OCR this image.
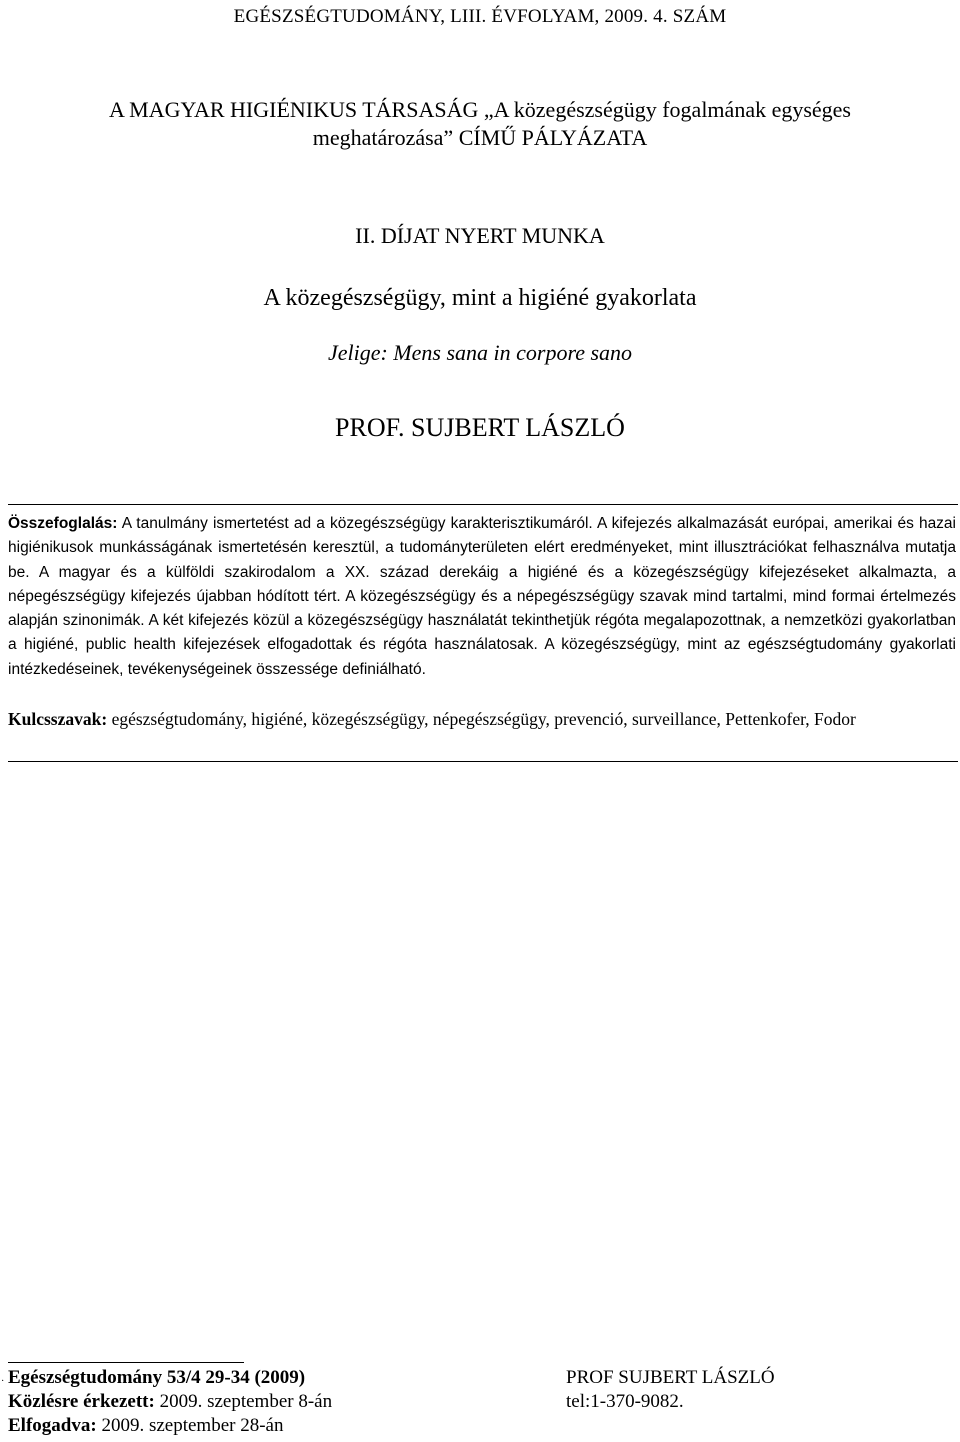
EGÉSZSÉGTUDOMÁNY, LIII. ÉVFOLYAM, 2009. 4. SZÁM
A MAGYAR HIGIÉNIKUS TÁRSASÁG „A közegészségügy fogalmának egységes
meghatározása” CÍMŰ PÁLYÁZATA
II. DÍJAT NYERT MUNKA
A közegészségügy, mint a higiéné gyakorlata
Jelige: Mens sana in corpore sano
PROF. SUJBERT LÁSZLÓ
Összefoglalás: A tanulmány ismertetést ad a közegészségügy karakterisztikumáról. A kifejezés alkalmazását európai, amerikai és hazai higiénikusok munkásságának ismertetésén keresztül, a tudományterületen elért eredményeket, mint illusztrációkat felhasználva mutatja be. A magyar és a külföldi szakirodalom a XX. század derekáig a higiéné és a közegészségügy kifejezéseket alkalmazta, a népegészségügy kifejezés újabban hódított tért. A közegészségügy és a népegészségügy szavak mind tartalmi, mind formai értelmezés alapján szinonimák. A két kifejezés közül a közegészségügy használatát tekinthetjük régóta megalapozottnak, a nemzetközi gyakorlatban a higiéné, public health kifejezések elfogadottak és régóta használatosak. A közegészségügy, mint az egészségtudomány gyakorlati intézkedéseinek, tevékenységeinek összessége definiálható.
Kulcsszavak: egészségtudomány, higiéné, közegészségügy, népegészségügy, prevenció, surveillance, Pettenkofer, Fodor
· Egészségtudomány 53/4 29-34 (2009)
Közlésre érkezett: 2009. szeptember 8-án
Elfogadva: 2009. szeptember 28-án
PROF SUJBERT LÁSZLÓ
tel:1-370-9082.
